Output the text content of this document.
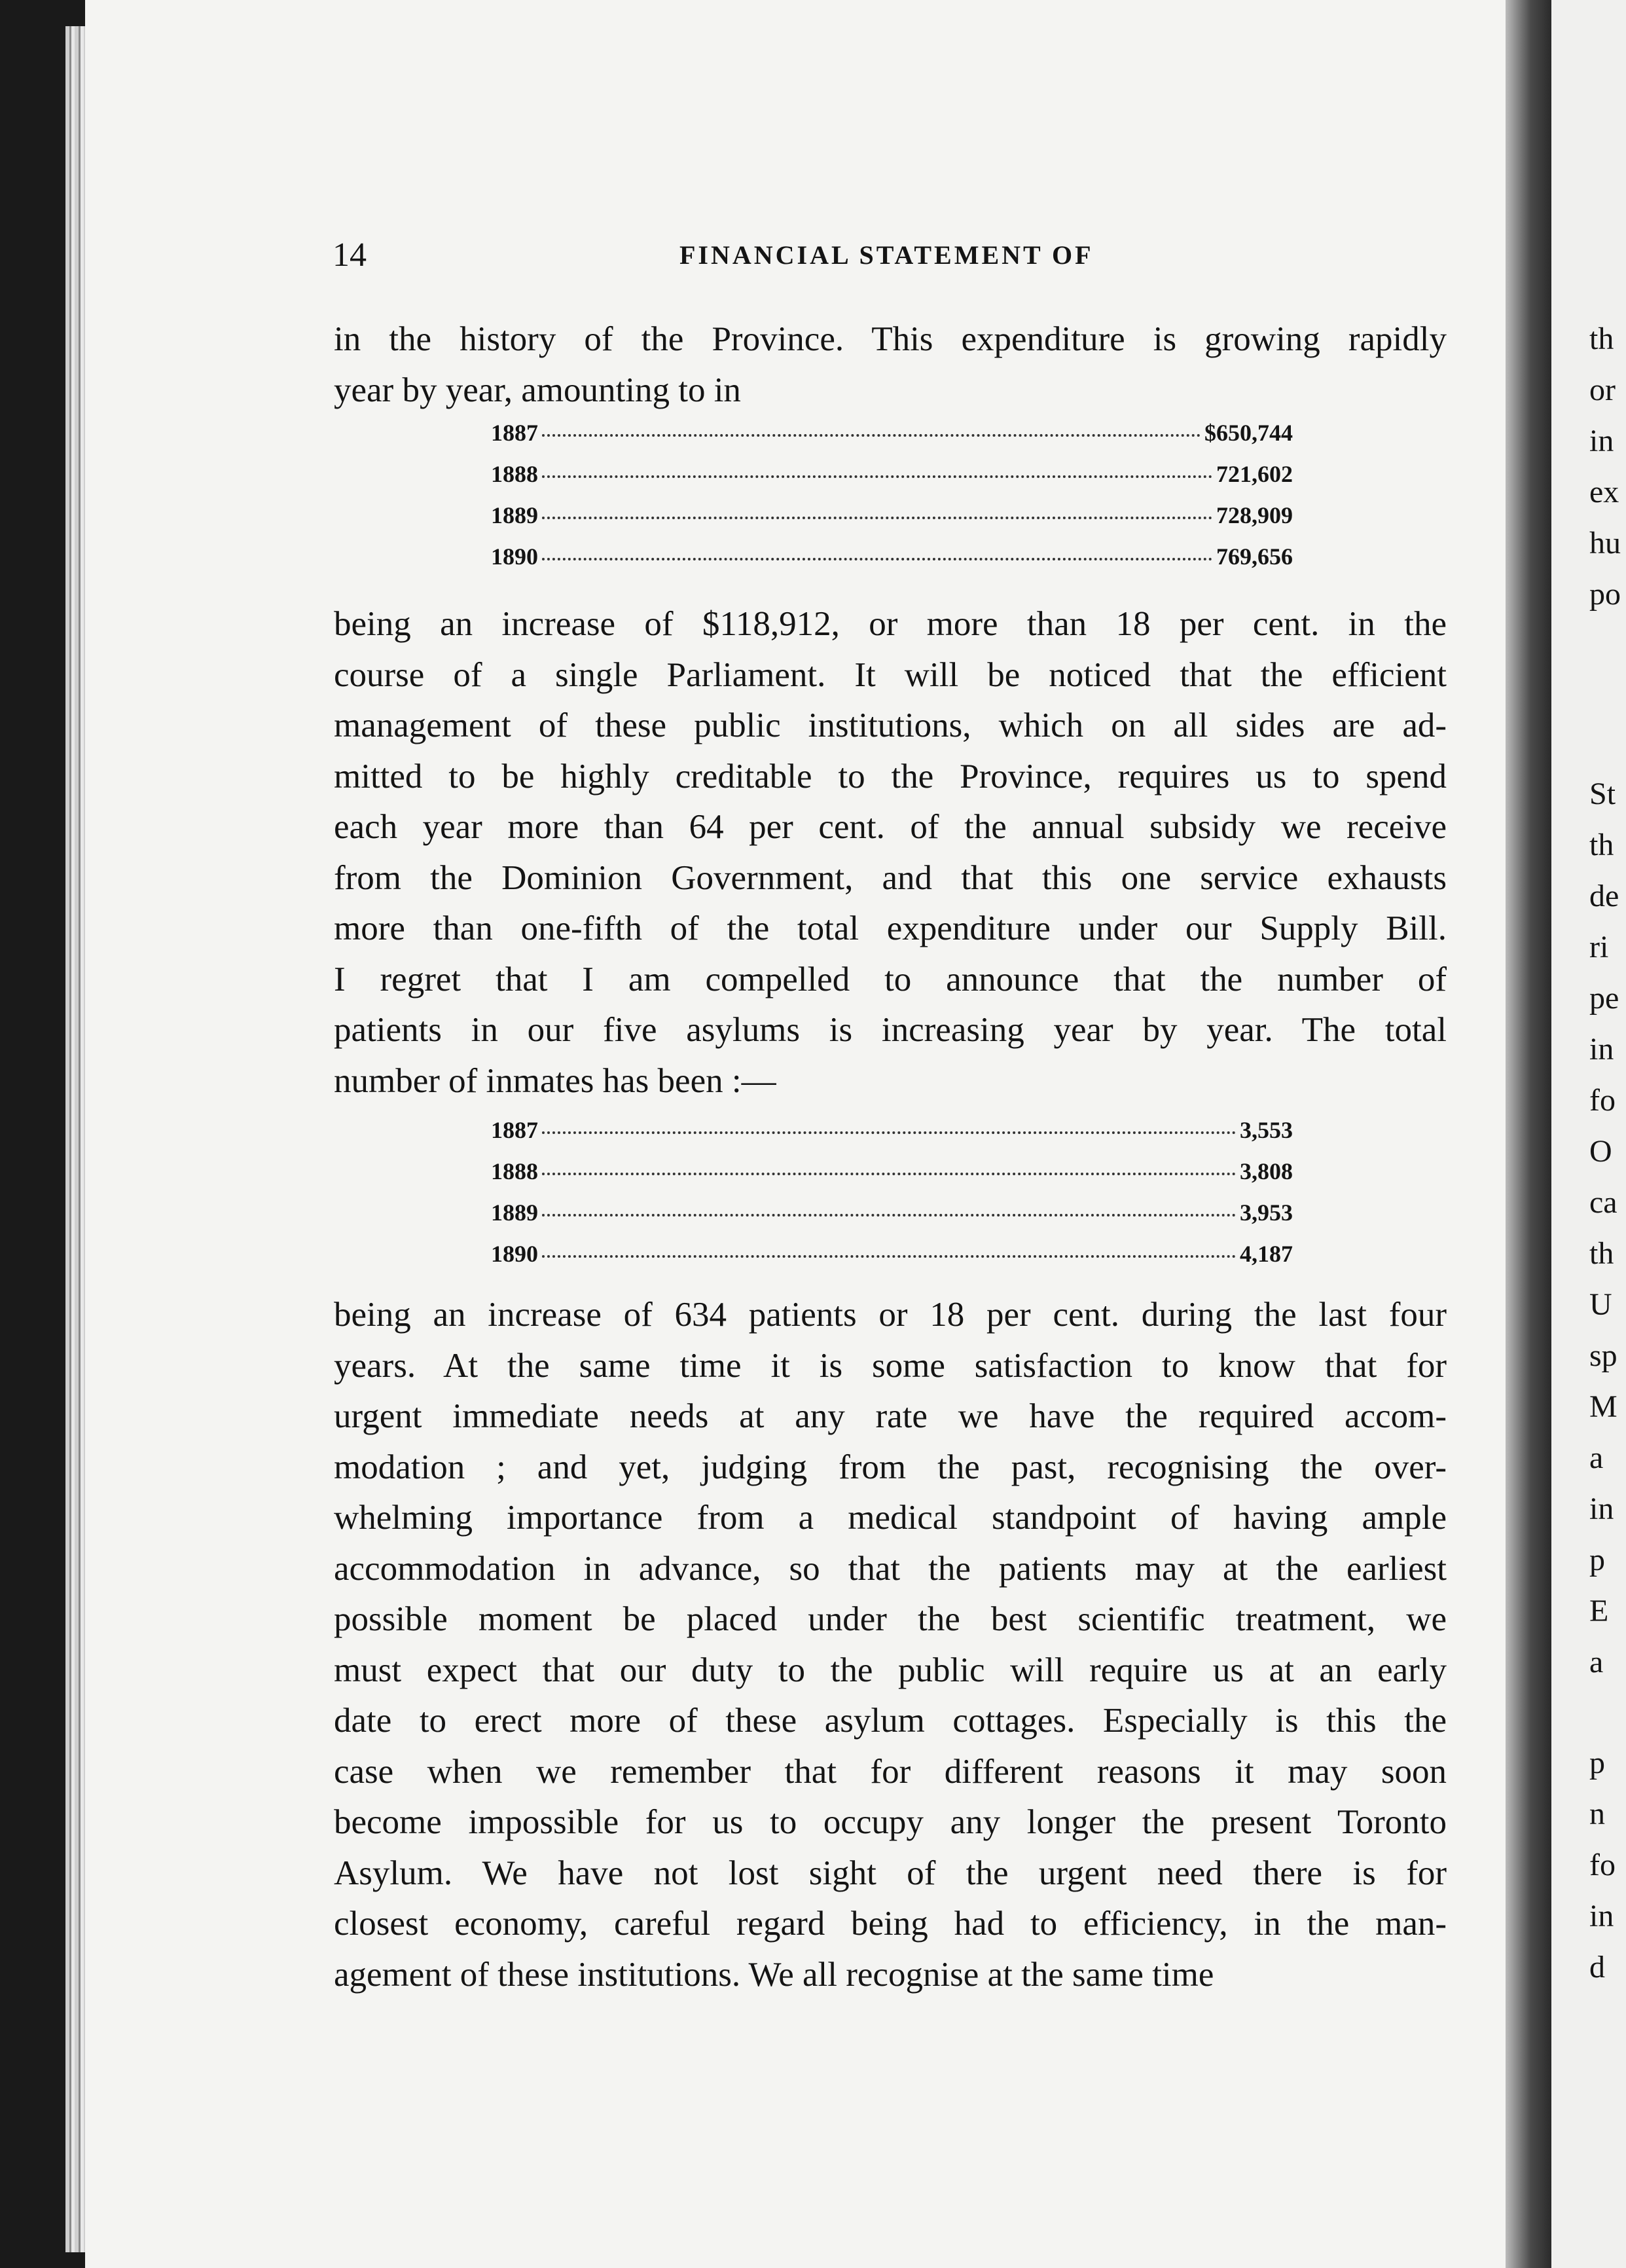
14	FINANCIAL STATEMENT OF
in the history of the Province. This expenditure is growing rapidly
year by year, amounting to in
1887	$650,744
1888	721,602
1889	728,909
1890	769,656
being an increase of $118,912, or more than 18 per cent. in the
course of a single Parliament. It will be noticed that the efficient
management of these public institutions, which on all sides are ad-
mitted to be highly creditable to the Province, requires us to spend
each year more than 64 per cent. of the annual subsidy we receive
from the Dominion Government, and that this one service exhausts
more than one-fifth of the total expenditure under our Supply Bill.
I regret that I am compelled to announce that the number of
patients in our five asylums is increasing year by year. The total
number of inmates has been :—
1887	3,553
1888	3,808
1889	3,953
1890	4,187
being an increase of 634 patients or 18 per cent. during the last four
years. At the same time it is some satisfaction to know that for
urgent immediate needs at any rate we have the required accom-
modation ; and yet, judging from the past, recognising the over-
whelming importance from a medical standpoint of having ample
accommodation in advance, so that the patients may at the earliest
possible moment be placed under the best scientific treatment, we
must expect that our duty to the public will require us at an early
date to erect more of these asylum cottages. Especially is this the
case when we remember that for different reasons it may soon
become impossible for us to occupy any longer the present Toronto
Asylum. We have not lost sight of the urgent need there is for
closest economy, careful regard being had to efficiency, in the man-
agement of these institutions. We all recognise at the same time
th
or
in
ex
hu
po
St
th
de
ri
pe
in
fo
O
ca
th
U
sp
M
a
in
p
E
a
p
n
fo
in
d
